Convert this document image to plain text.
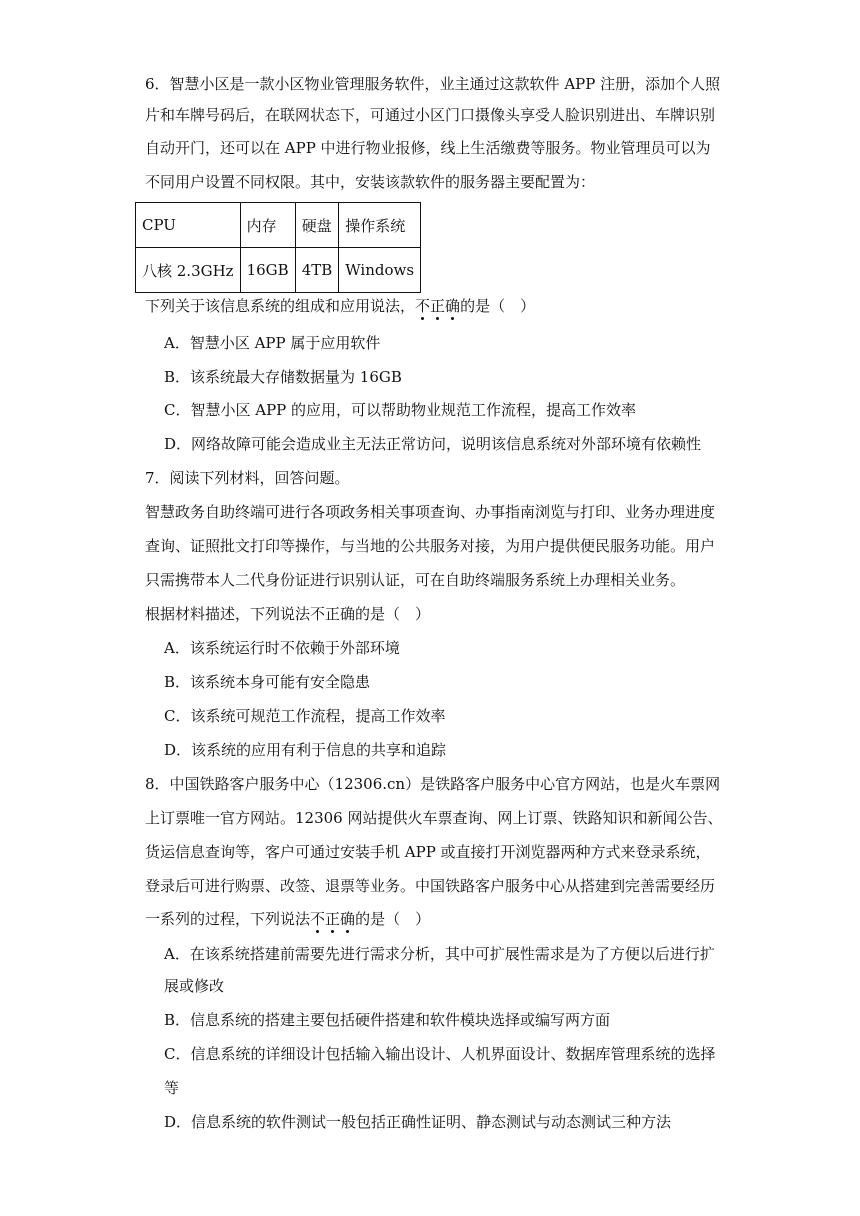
6．智慧小区是一款小区物业管理服务软件，业主通过这款软件 APP 注册，添加个人照
片和车牌号码后，在联网状态下，可通过小区门口摄像头享受人脸识别进出、车牌识别
自动开门，还可以在 APP 中进行物业报修，线上生活缴费等服务。物业管理员可以为
不同用户设置不同权限。其中，安装该款软件的服务器主要配置为：
CPU	内存	硬盘	操作系统
八核 2.3GHz	16GB	4TB	Windows
下列关于该信息系统的组成和应用说法，不正确的是（　）
A．智慧小区 APP 属于应用软件
B．该系统最大存储数据量为 16GB
C．智慧小区 APP 的应用，可以帮助物业规范工作流程，提高工作效率
D．网络故障可能会造成业主无法正常访问，说明该信息系统对外部环境有依赖性
7．阅读下列材料，回答问题。
智慧政务自助终端可进行各项政务相关事项查询、办事指南浏览与打印、业务办理进度
查询、证照批文打印等操作，与当地的公共服务对接，为用户提供便民服务功能。用户
只需携带本人二代身份证进行识别认证，可在自助终端服务系统上办理相关业务。
根据材料描述，下列说法不正确的是（　）
A．该系统运行时不依赖于外部环境
B．该系统本身可能有安全隐患
C．该系统可规范工作流程，提高工作效率
D．该系统的应用有利于信息的共享和追踪
8．中国铁路客户服务中心（12306.cn）是铁路客户服务中心官方网站，也是火车票网
上订票唯一官方网站。12306 网站提供火车票查询、网上订票、铁路知识和新闻公告、
货运信息查询等，客户可通过安装手机 APP 或直接打开浏览器两种方式来登录系统，
登录后可进行购票、改签、退票等业务。中国铁路客户服务中心从搭建到完善需要经历
一系列的过程，下列说法不正确的是（　）
A．在该系统搭建前需要先进行需求分析，其中可扩展性需求是为了方便以后进行扩
展或修改
B．信息系统的搭建主要包括硬件搭建和软件模块选择或编写两方面
C．信息系统的详细设计包括输入输出设计、人机界面设计、数据库管理系统的选择
等
D．信息系统的软件测试一般包括正确性证明、静态测试与动态测试三种方法
